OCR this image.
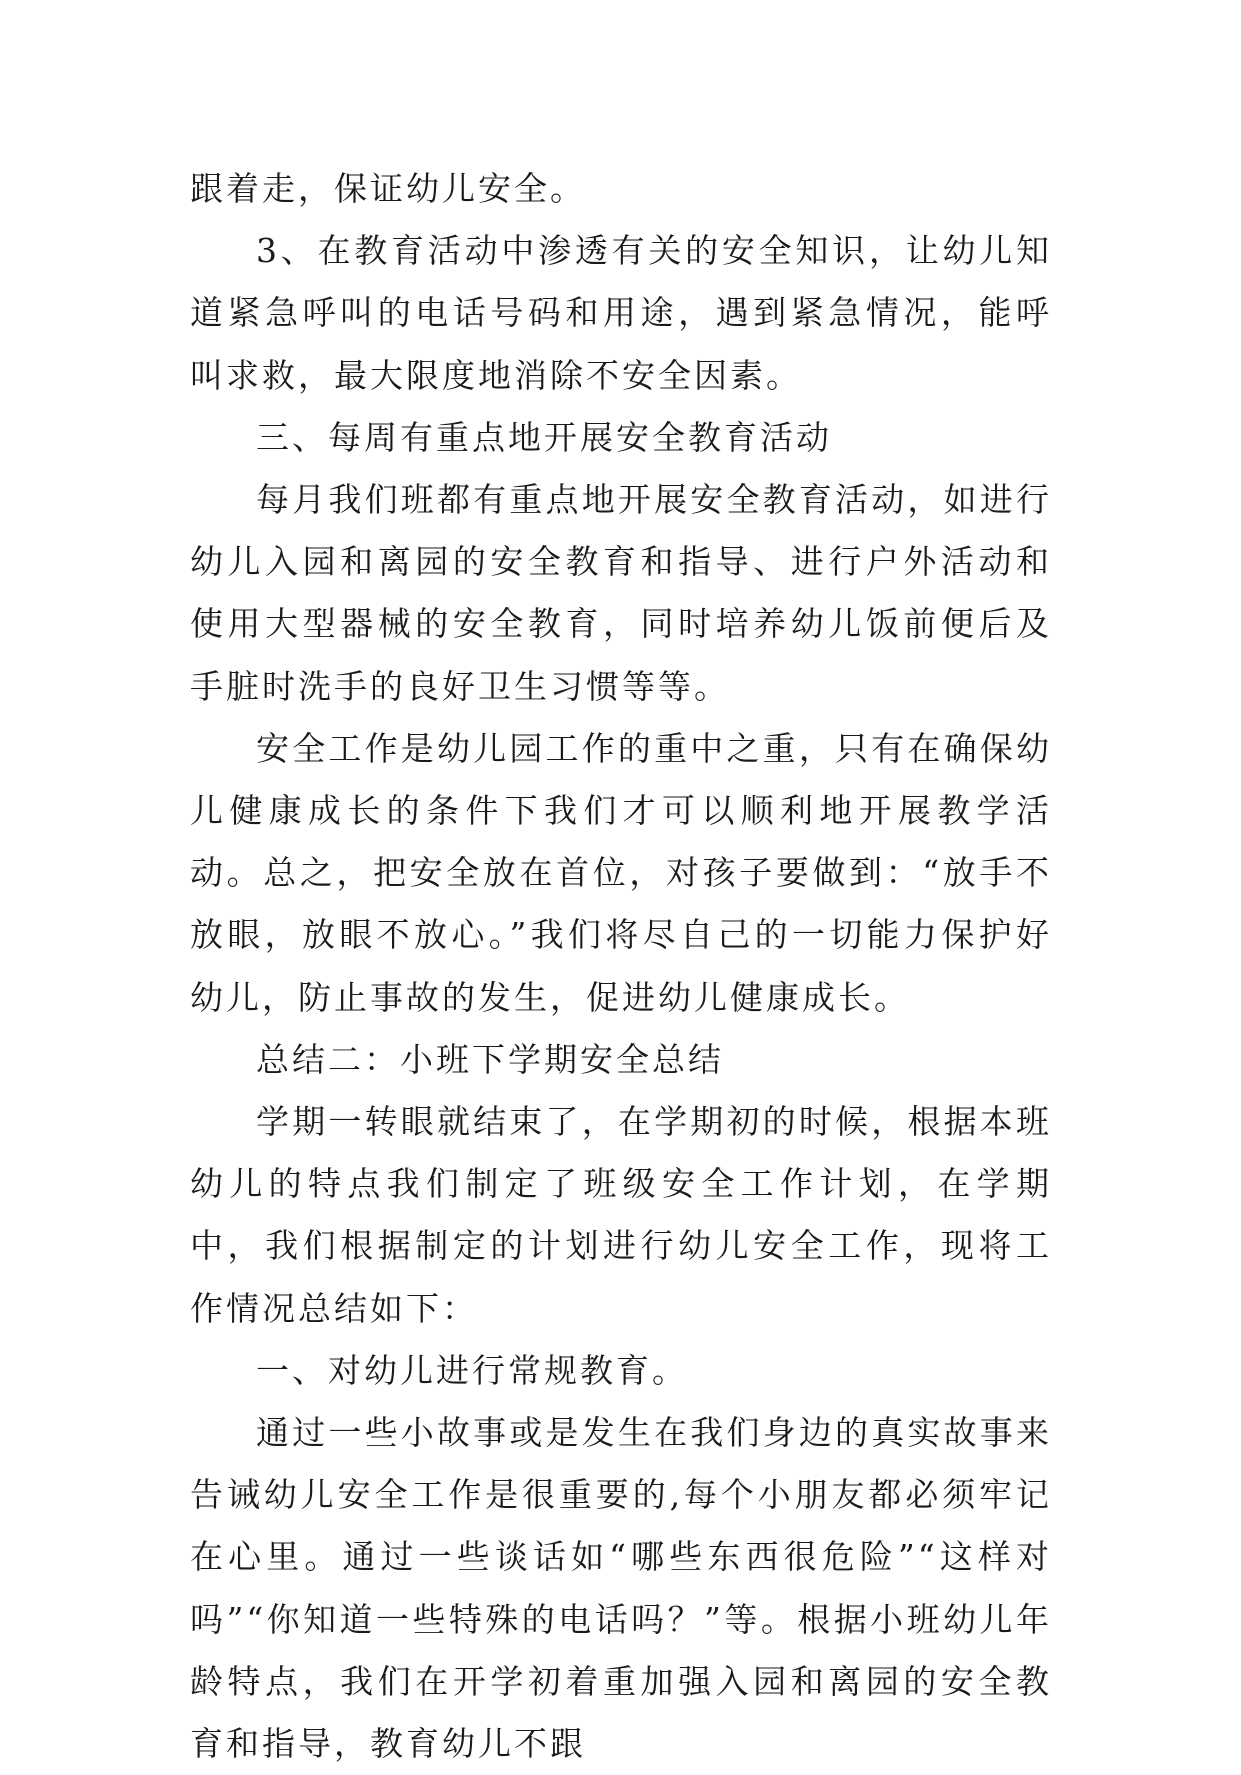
跟着走，保证幼儿安全。

3、在教育活动中渗透有关的安全知识，让幼儿知道紧急呼叫的电话号码和用途，遇到紧急情况，能呼叫求救，最大限度地消除不安全因素。

三、每周有重点地开展安全教育活动

每月我们班都有重点地开展安全教育活动，如进行幼儿入园和离园的安全教育和指导、进行户外活动和使用大型器械的安全教育，同时培养幼儿饭前便后及手脏时洗手的良好卫生习惯等等。

安全工作是幼儿园工作的重中之重，只有在确保幼儿健康成长的条件下我们才可以顺利地开展教学活动。总之，把安全放在首位，对孩子要做到：“放手不放眼，放眼不放心。”我们将尽自己的一切能力保护好幼儿，防止事故的发生，促进幼儿健康成长。

总结二：小班下学期安全总结

学期一转眼就结束了，在学期初的时候，根据本班幼儿的特点我们制定了班级安全工作计划，在学期中，我们根据制定的计划进行幼儿安全工作，现将工作情况总结如下：

一、对幼儿进行常规教育。

通过一些小故事或是发生在我们身边的真实故事来告诫幼儿安全工作是很重要的,每个小朋友都必须牢记在心里。通过一些谈话如“哪些东西很危险”“这样对吗”“你知道一些特殊的电话吗？”等。根据小班幼儿年龄特点，我们在开学初着重加强入园和离园的安全教育和指导，教育幼儿不跟
